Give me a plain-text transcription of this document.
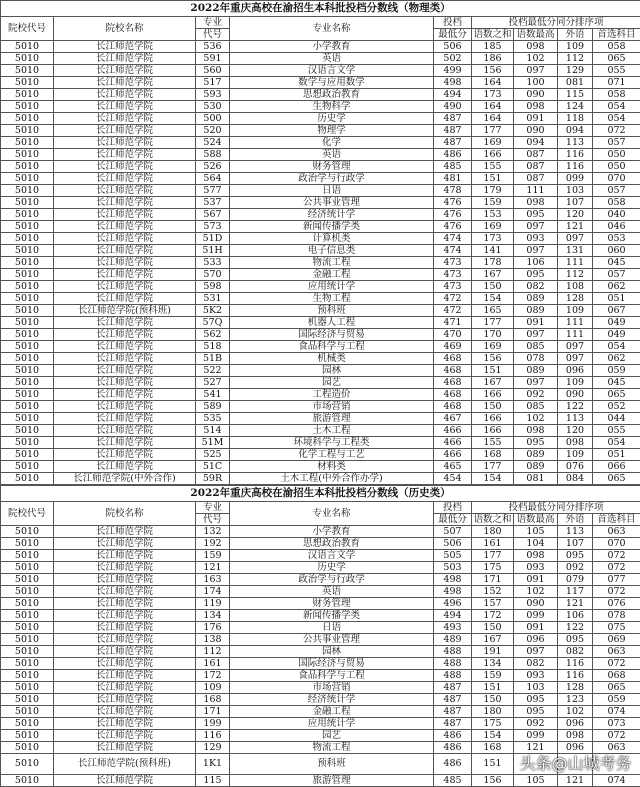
2022年重庆高校在渝招生本科批投档分数线（物理类）								
院校代号	院校名称	专业	专业名称	投档	投档最低分同分排序项			
		代号		最低分	语数之和	语数最高	外语	首选科目
5010	长江师范学院	536	小学教育	506	185	098	109	058
5010	长江师范学院	591	英语	502	186	102	112	065
5010	长江师范学院	560	汉语言文学	499	156	097	129	055
5010	长江师范学院	517	数学与应用数学	498	164	100	081	071
5010	长江师范学院	593	思想政治教育	494	173	090	115	058
5010	长江师范学院	530	生物科学	490	164	098	124	054
5010	长江师范学院	500	历史学	487	164	091	118	054
5010	长江师范学院	520	物理学	487	177	090	094	072
5010	长江师范学院	524	化学	487	169	094	113	057
5010	长江师范学院	588	英语	486	166	087	116	050
5010	长江师范学院	526	财务管理	485	155	087	116	050
5010	长江师范学院	564	政治学与行政学	481	151	087	099	070
5010	长江师范学院	577	日语	478	179	111	103	057
5010	长江师范学院	537	公共事业管理	476	159	098	107	058
5010	长江师范学院	567	经济统计学	476	153	095	120	040
5010	长江师范学院	573	新闻传播学类	476	169	097	121	046
5010	长江师范学院	51D	计算机类	474	173	093	097	053
5010	长江师范学院	51H	电子信息类	474	141	097	131	060
5010	长江师范学院	533	物流工程	473	178	106	111	045
5010	长江师范学院	570	金融工程	473	167	095	112	057
5010	长江师范学院	598	应用统计学	473	150	082	108	062
5010	长江师范学院	531	生物工程	472	154	089	128	051
5010	长江师范学院(预科班)	5K2	预科班	472	165	089	109	067
5010	长江师范学院	57Q	机器人工程	471	177	091	111	049
5010	长江师范学院	562	国际经济与贸易	470	170	097	111	049
5010	长江师范学院	518	食品科学与工程	469	169	085	097	054
5010	长江师范学院	51B	机械类	468	156	078	097	062
5010	长江师范学院	522	园林	468	151	089	096	059
5010	长江师范学院	527	园艺	468	167	097	109	045
5010	长江师范学院	541	工程造价	468	166	092	090	065
5010	长江师范学院	589	市场营销	468	150	085	122	052
5010	长江师范学院	535	旅游管理	467	166	102	113	044
5010	长江师范学院	514	土木工程	466	166	098	120	055
5010	长江师范学院	51M	环境科学与工程类	466	155	095	098	054
5010	长江师范学院	525	化学工程与工艺	466	168	089	109	051
5010	长江师范学院	51C	材料类	465	177	089	076	066
5010	长江师范学院(中外合作)	59R	土木工程(中外合作办学)	454	154	081	084	065
2022年重庆高校在渝招生本科批投档分数线（历史类）								
院校代号	院校名称	专业	专业名称	投档	投档最低分同分排序项			
		代号		最低分	语数之和	语数最高	外语	首选科目
5010	长江师范学院	132	小学教育	507	180	105	113	063
5010	长江师范学院	192	思想政治教育	506	161	104	107	070
5010	长江师范学院	159	汉语言文学	505	177	098	095	072
5010	长江师范学院	121	历史学	503	175	093	092	072
5010	长江师范学院	163	政治学与行政学	498	171	091	079	077
5010	长江师范学院	174	英语	498	152	102	117	072
5010	长江师范学院	119	财务管理	496	157	090	121	076
5010	长江师范学院	134	新闻传播学类	494	172	099	106	078
5010	长江师范学院	176	日语	493	150	091	122	075
5010	长江师范学院	138	公共事业管理	489	167	096	095	069
5010	长江师范学院	112	园林	488	191	097	082	063
5010	长江师范学院	161	国际经济与贸易	488	134	082	116	072
5010	长江师范学院	172	食品科学与工程	488	159	093	116	068
5010	长江师范学院	109	市场营销	487	151	103	128	065
5010	长江师范学院	168	经济统计学	487	150	095	123	059
5010	长江师范学院	171	金融工程	487	180	095	102	074
5010	长江师范学院	199	应用统计学	487	175	092	096	073
5010	长江师范学院	116	园艺	486	154	099	098	072
5010	长江师范学院	129	物流工程	486	168	121	096	063
5010	长江师范学院(预科班)	1K1	预科班	486	151			
5010	长江师范学院	115	旅游管理	485	156	105	121	074
头条@山城考务
